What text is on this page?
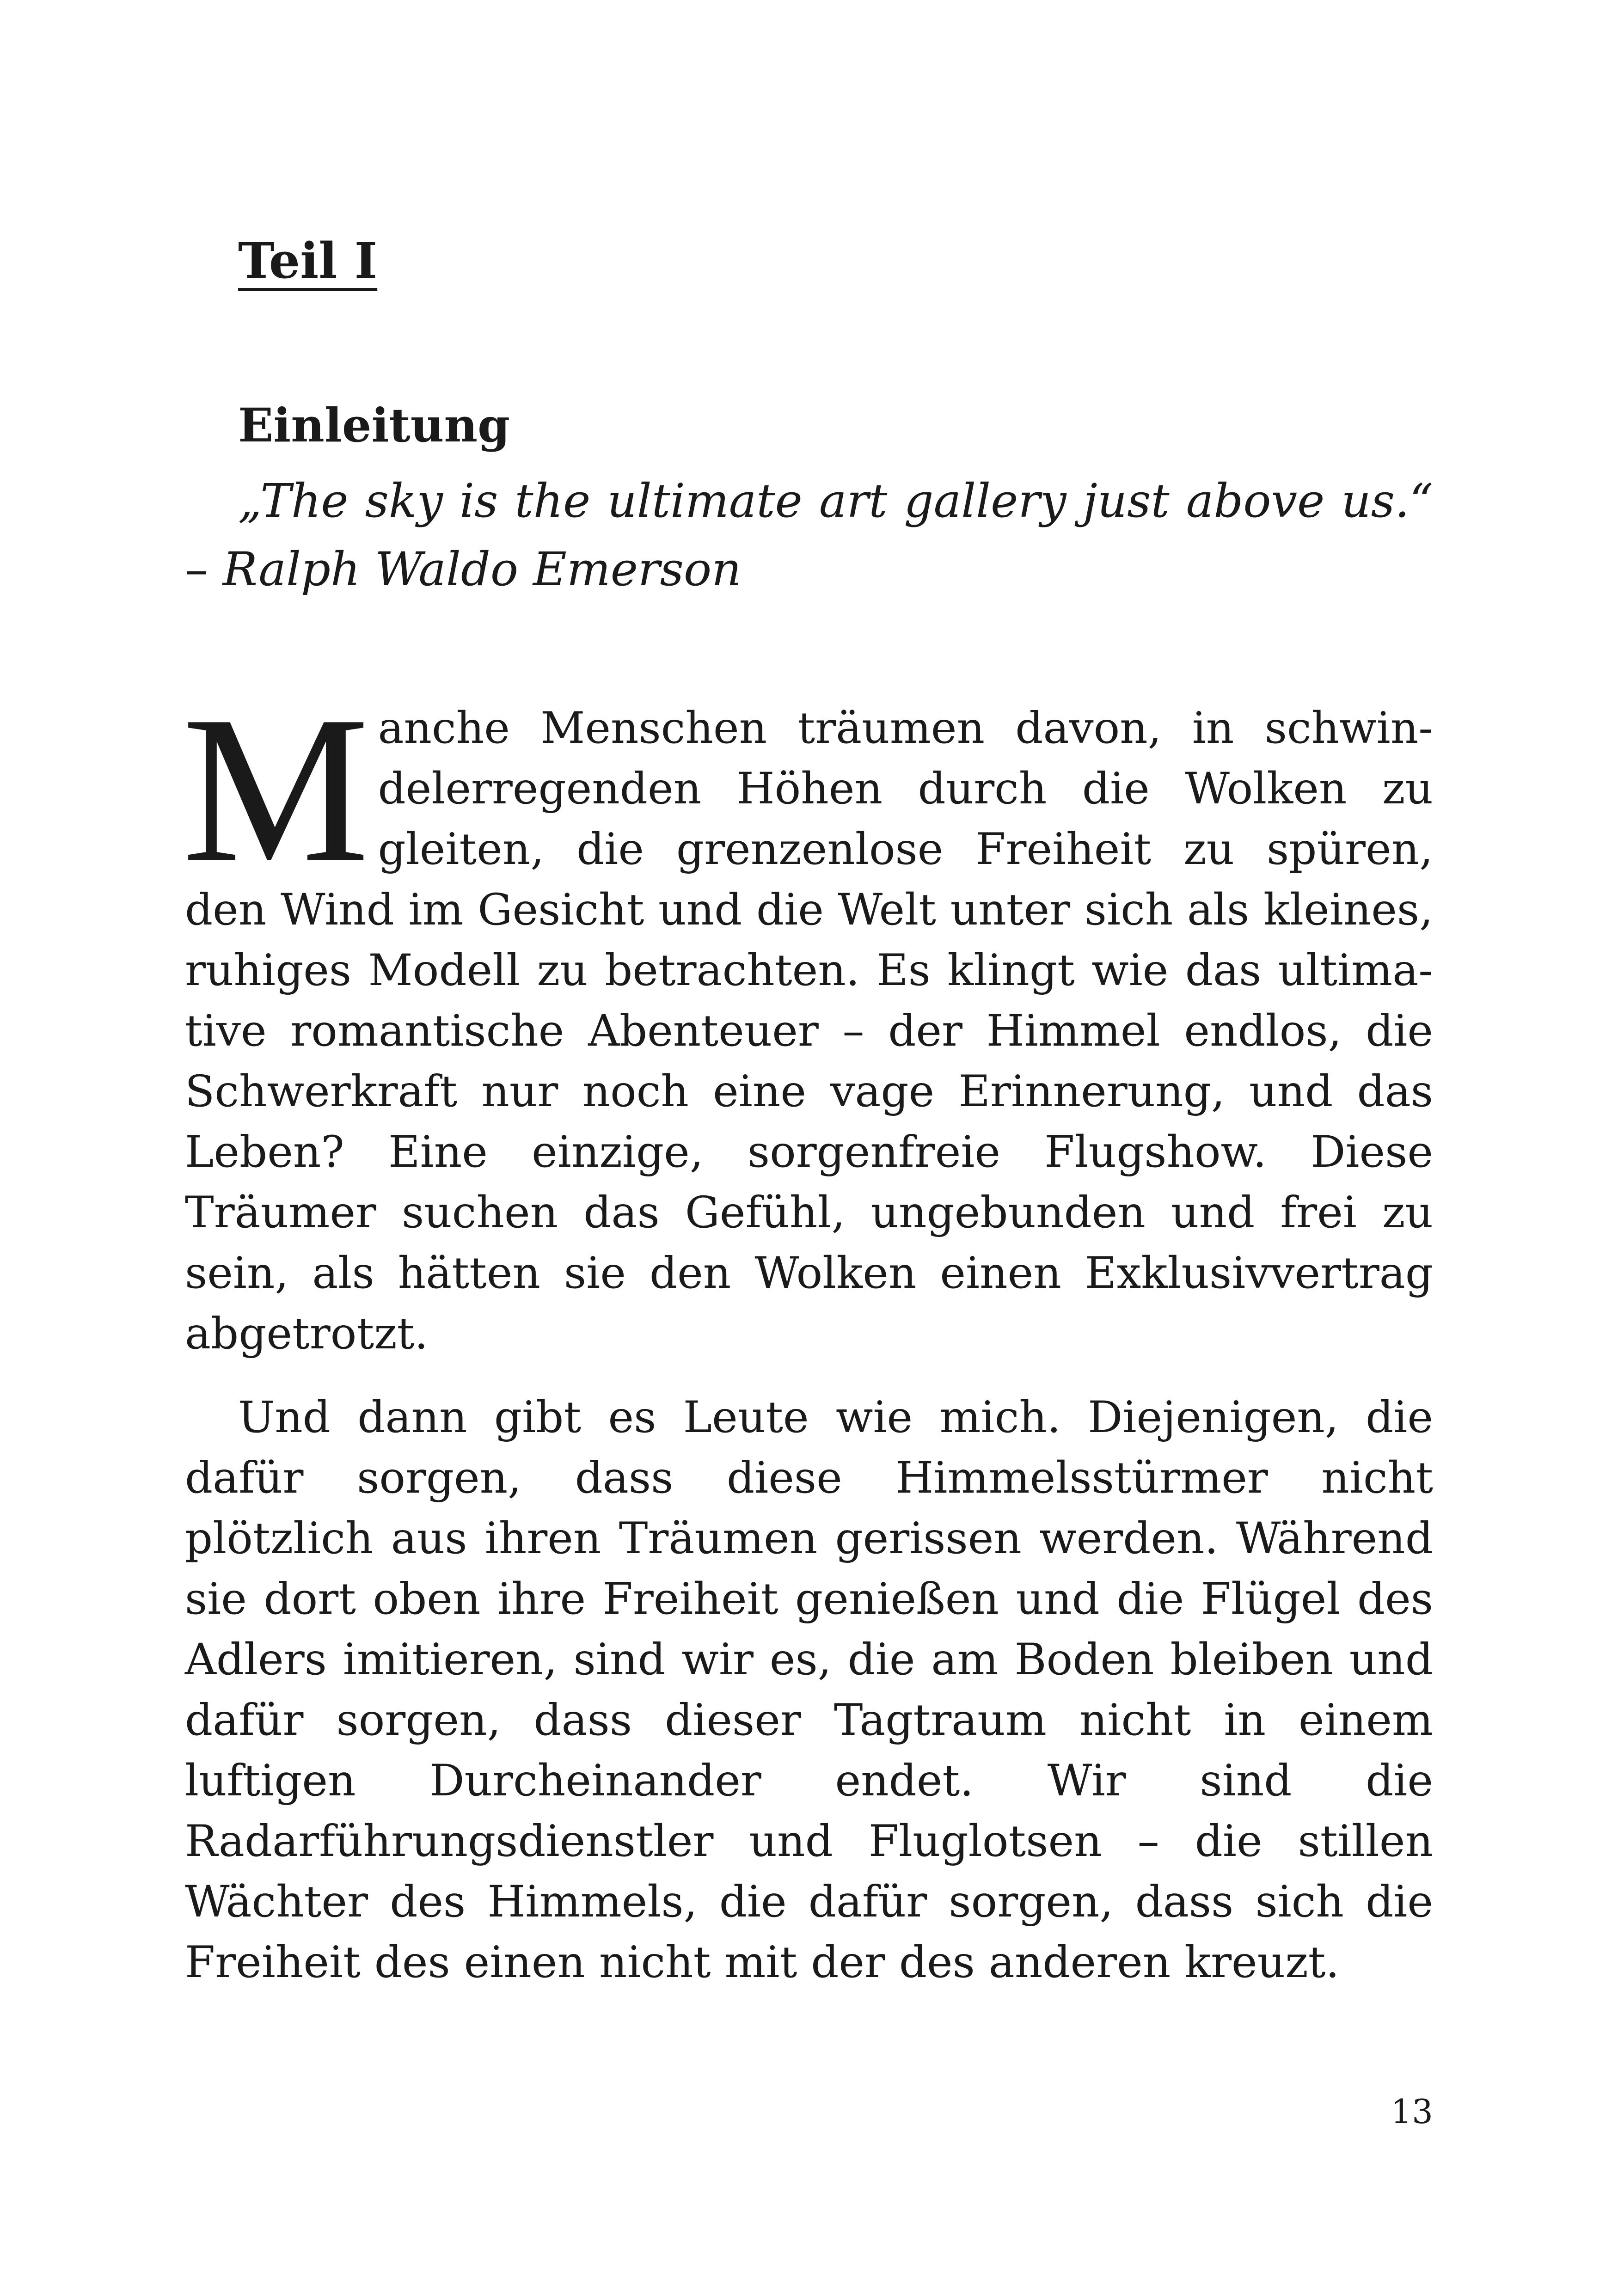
Teil I
Einleitung

„The sky is the ultimate art gallery just above us.“ – Ralph Waldo Emerson

Manche Menschen träumen davon, in schwindelerregenden Höhen durch die Wolken zu gleiten, die grenzenlose Freiheit zu spüren, den Wind im Gesicht und die Welt unter sich als kleines, ruhiges Modell zu betrachten. Es klingt wie das ultimative romantische Abenteuer – der Himmel endlos, die Schwerkraft nur noch eine vage Erinnerung, und das Leben? Eine einzige, sorgenfreie Flugshow. Diese Träumer suchen das Gefühl, ungebunden und frei zu sein, als hätten sie den Wolken einen Exklusivvertrag abgetrotzt.

Und dann gibt es Leute wie mich. Diejenigen, die dafür sorgen, dass diese Himmelsstürmer nicht plötzlich aus ihren Träumen gerissen werden. Während sie dort oben ihre Freiheit genießen und die Flügel des Adlers imitieren, sind wir es, die am Boden bleiben und dafür sorgen, dass dieser Tagtraum nicht in einem luftigen Durcheinander endet. Wir sind die Radarführungsdienstler und Fluglotsen – die stillen Wächter des Himmels, die dafür sorgen, dass sich die Freiheit des einen nicht mit der des anderen kreuzt.

13
